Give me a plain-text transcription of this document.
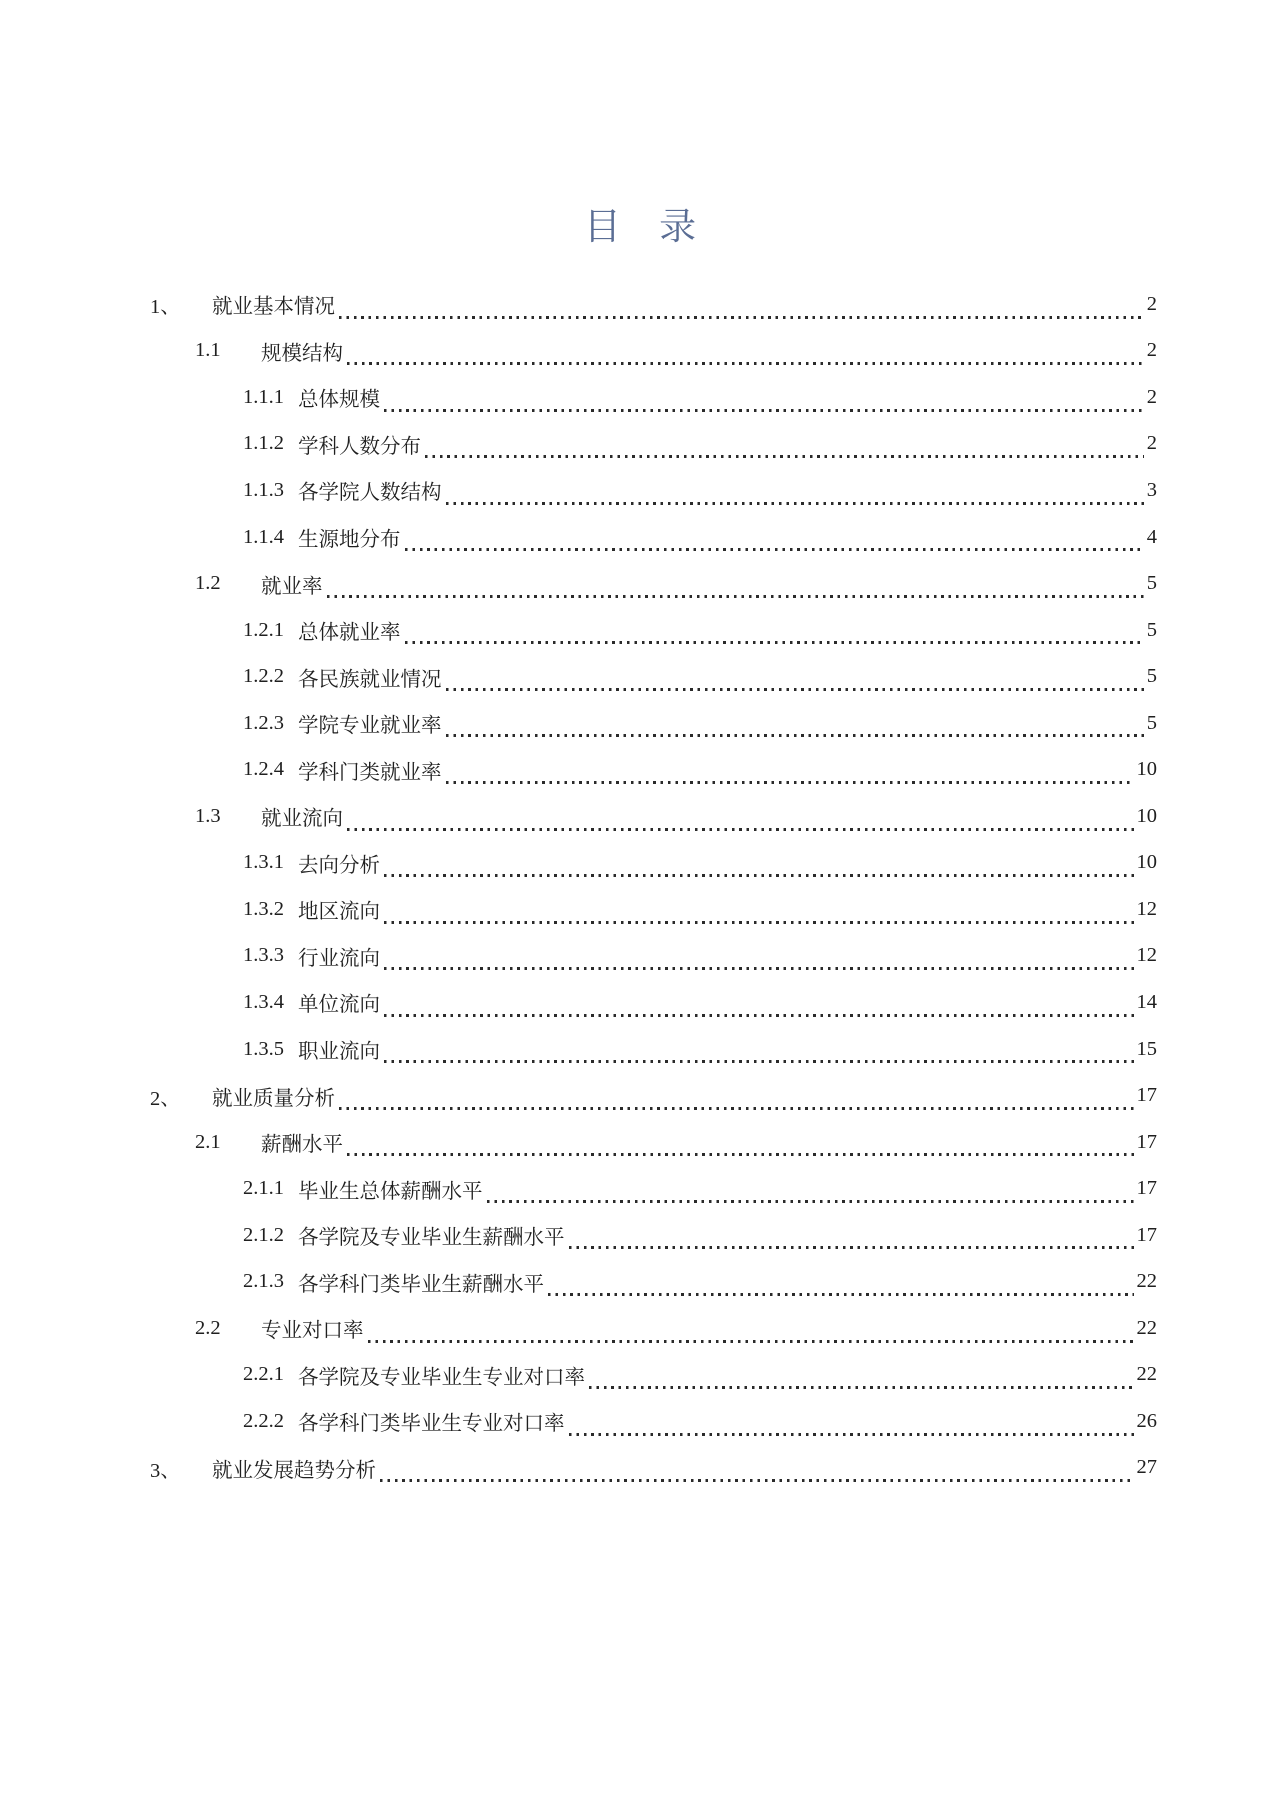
目 录
1、	就业基本情况	2
1.1	规模结构	2
1.1.1 总体规模	2
1.1.2 学科人数分布	2
1.1.3 各学院人数结构	3
1.1.4 生源地分布	4
1.2	就业率	5
1.2.1 总体就业率	5
1.2.2 各民族就业情况	5
1.2.3 学院专业就业率	5
1.2.4 学科门类就业率	10
1.3	就业流向	10
1.3.1 去向分析	10
1.3.2 地区流向	12
1.3.3 行业流向	12
1.3.4 单位流向	14
1.3.5 职业流向	15
2、	就业质量分析	17
2.1	薪酬水平	17
2.1.1 毕业生总体薪酬水平	17
2.1.2 各学院及专业毕业生薪酬水平	17
2.1.3 各学科门类毕业生薪酬水平	22
2.2	专业对口率	22
2.2.1 各学院及专业毕业生专业对口率	22
2.2.2 各学科门类毕业生专业对口率	26
3、	就业发展趋势分析	27
